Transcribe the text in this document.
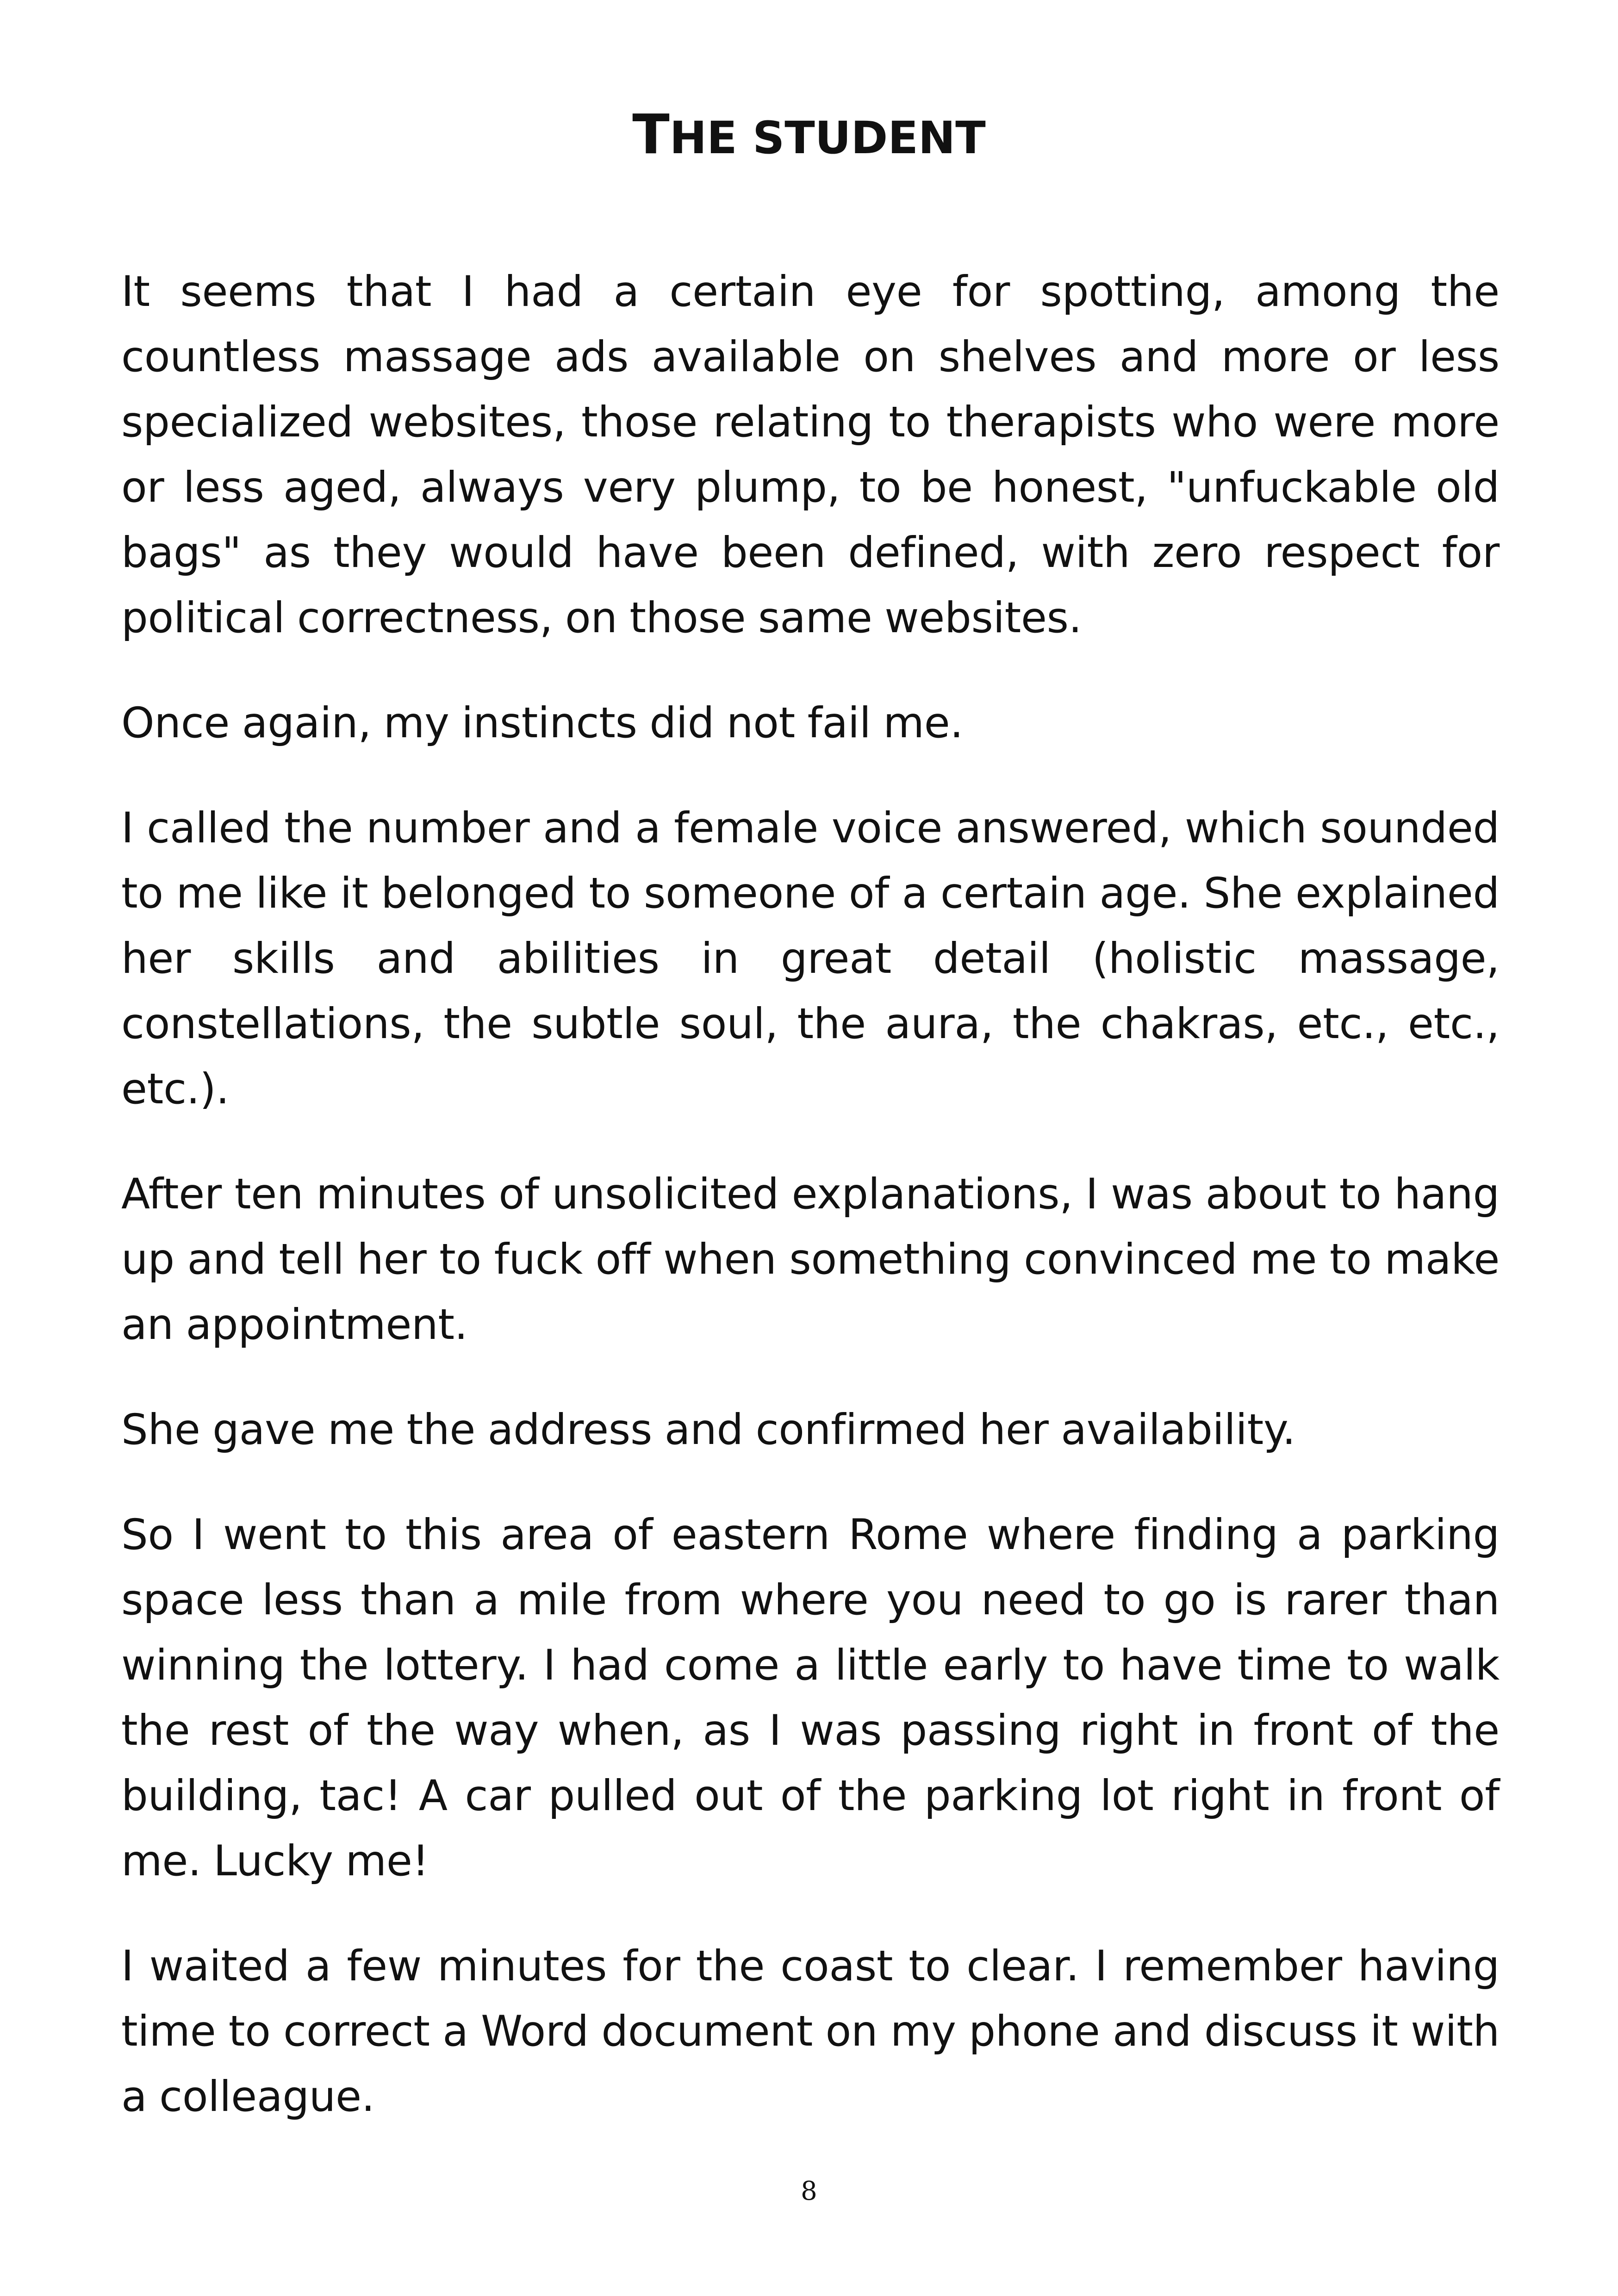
THE STUDENT

It seems that I had a certain eye for spotting, among the countless massage ads available on shelves and more or less specialized websites, those relating to therapists who were more or less aged, always very plump, to be honest, "unfuckable old bags" as they would have been defined, with zero respect for political correctness, on those same websites.

Once again, my instincts did not fail me.

I called the number and a female voice answered, which sounded to me like it belonged to someone of a certain age. She explained her skills and abilities in great detail (holistic massage, constellations, the subtle soul, the aura, the chakras, etc., etc., etc.).

After ten minutes of unsolicited explanations, I was about to hang up and tell her to fuck off when something convinced me to make an appointment.

She gave me the address and confirmed her availability.

So I went to this area of eastern Rome where finding a parking space less than a mile from where you need to go is rarer than winning the lottery. I had come a little early to have time to walk the rest of the way when, as I was passing right in front of the building, tac! A car pulled out of the parking lot right in front of me. Lucky me!

I waited a few minutes for the coast to clear. I remember having time to correct a Word document on my phone and discuss it with a colleague.

8
